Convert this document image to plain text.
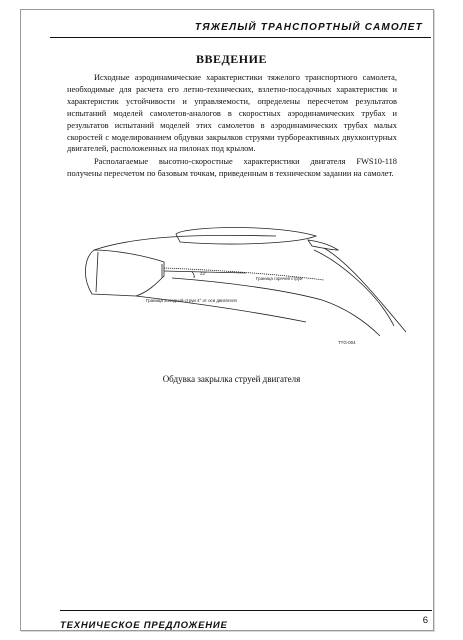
ТЯЖЕЛЫЙ ТРАНСПОРТНЫЙ САМОЛЕТ
ВВЕДЕНИЕ

Исходные аэродинамические характеристики тяжелого транспортного самолета, необходимые для расчета его летно-технических, взлетно-посадочных характеристик и характеристик устойчивости и управляемости, определены пересчетом результатов испытаний моделей самолетов-аналогов в скоростных аэродинамических трубах и результатов испытаний моделей этих самолетов в аэродинамических трубах малых скоростей с моделированием обдувки закрылков струями турбореактивных двухконтурных двигателей, расположенных на пилонах под крылом.

Располагаемые высотно-скоростные характеристики двигателя FWS10-118 получены пересчетом по базовым точкам, приведенным в техническом задании на самолет.

22°
Граница горячей струи
Граница холодной струи 4° от оси двигателя
TTG-004
Обдувка закрылка струей двигателя
ТЕХНИЧЕСКОЕ ПРЕДЛОЖЕНИЕ	6
